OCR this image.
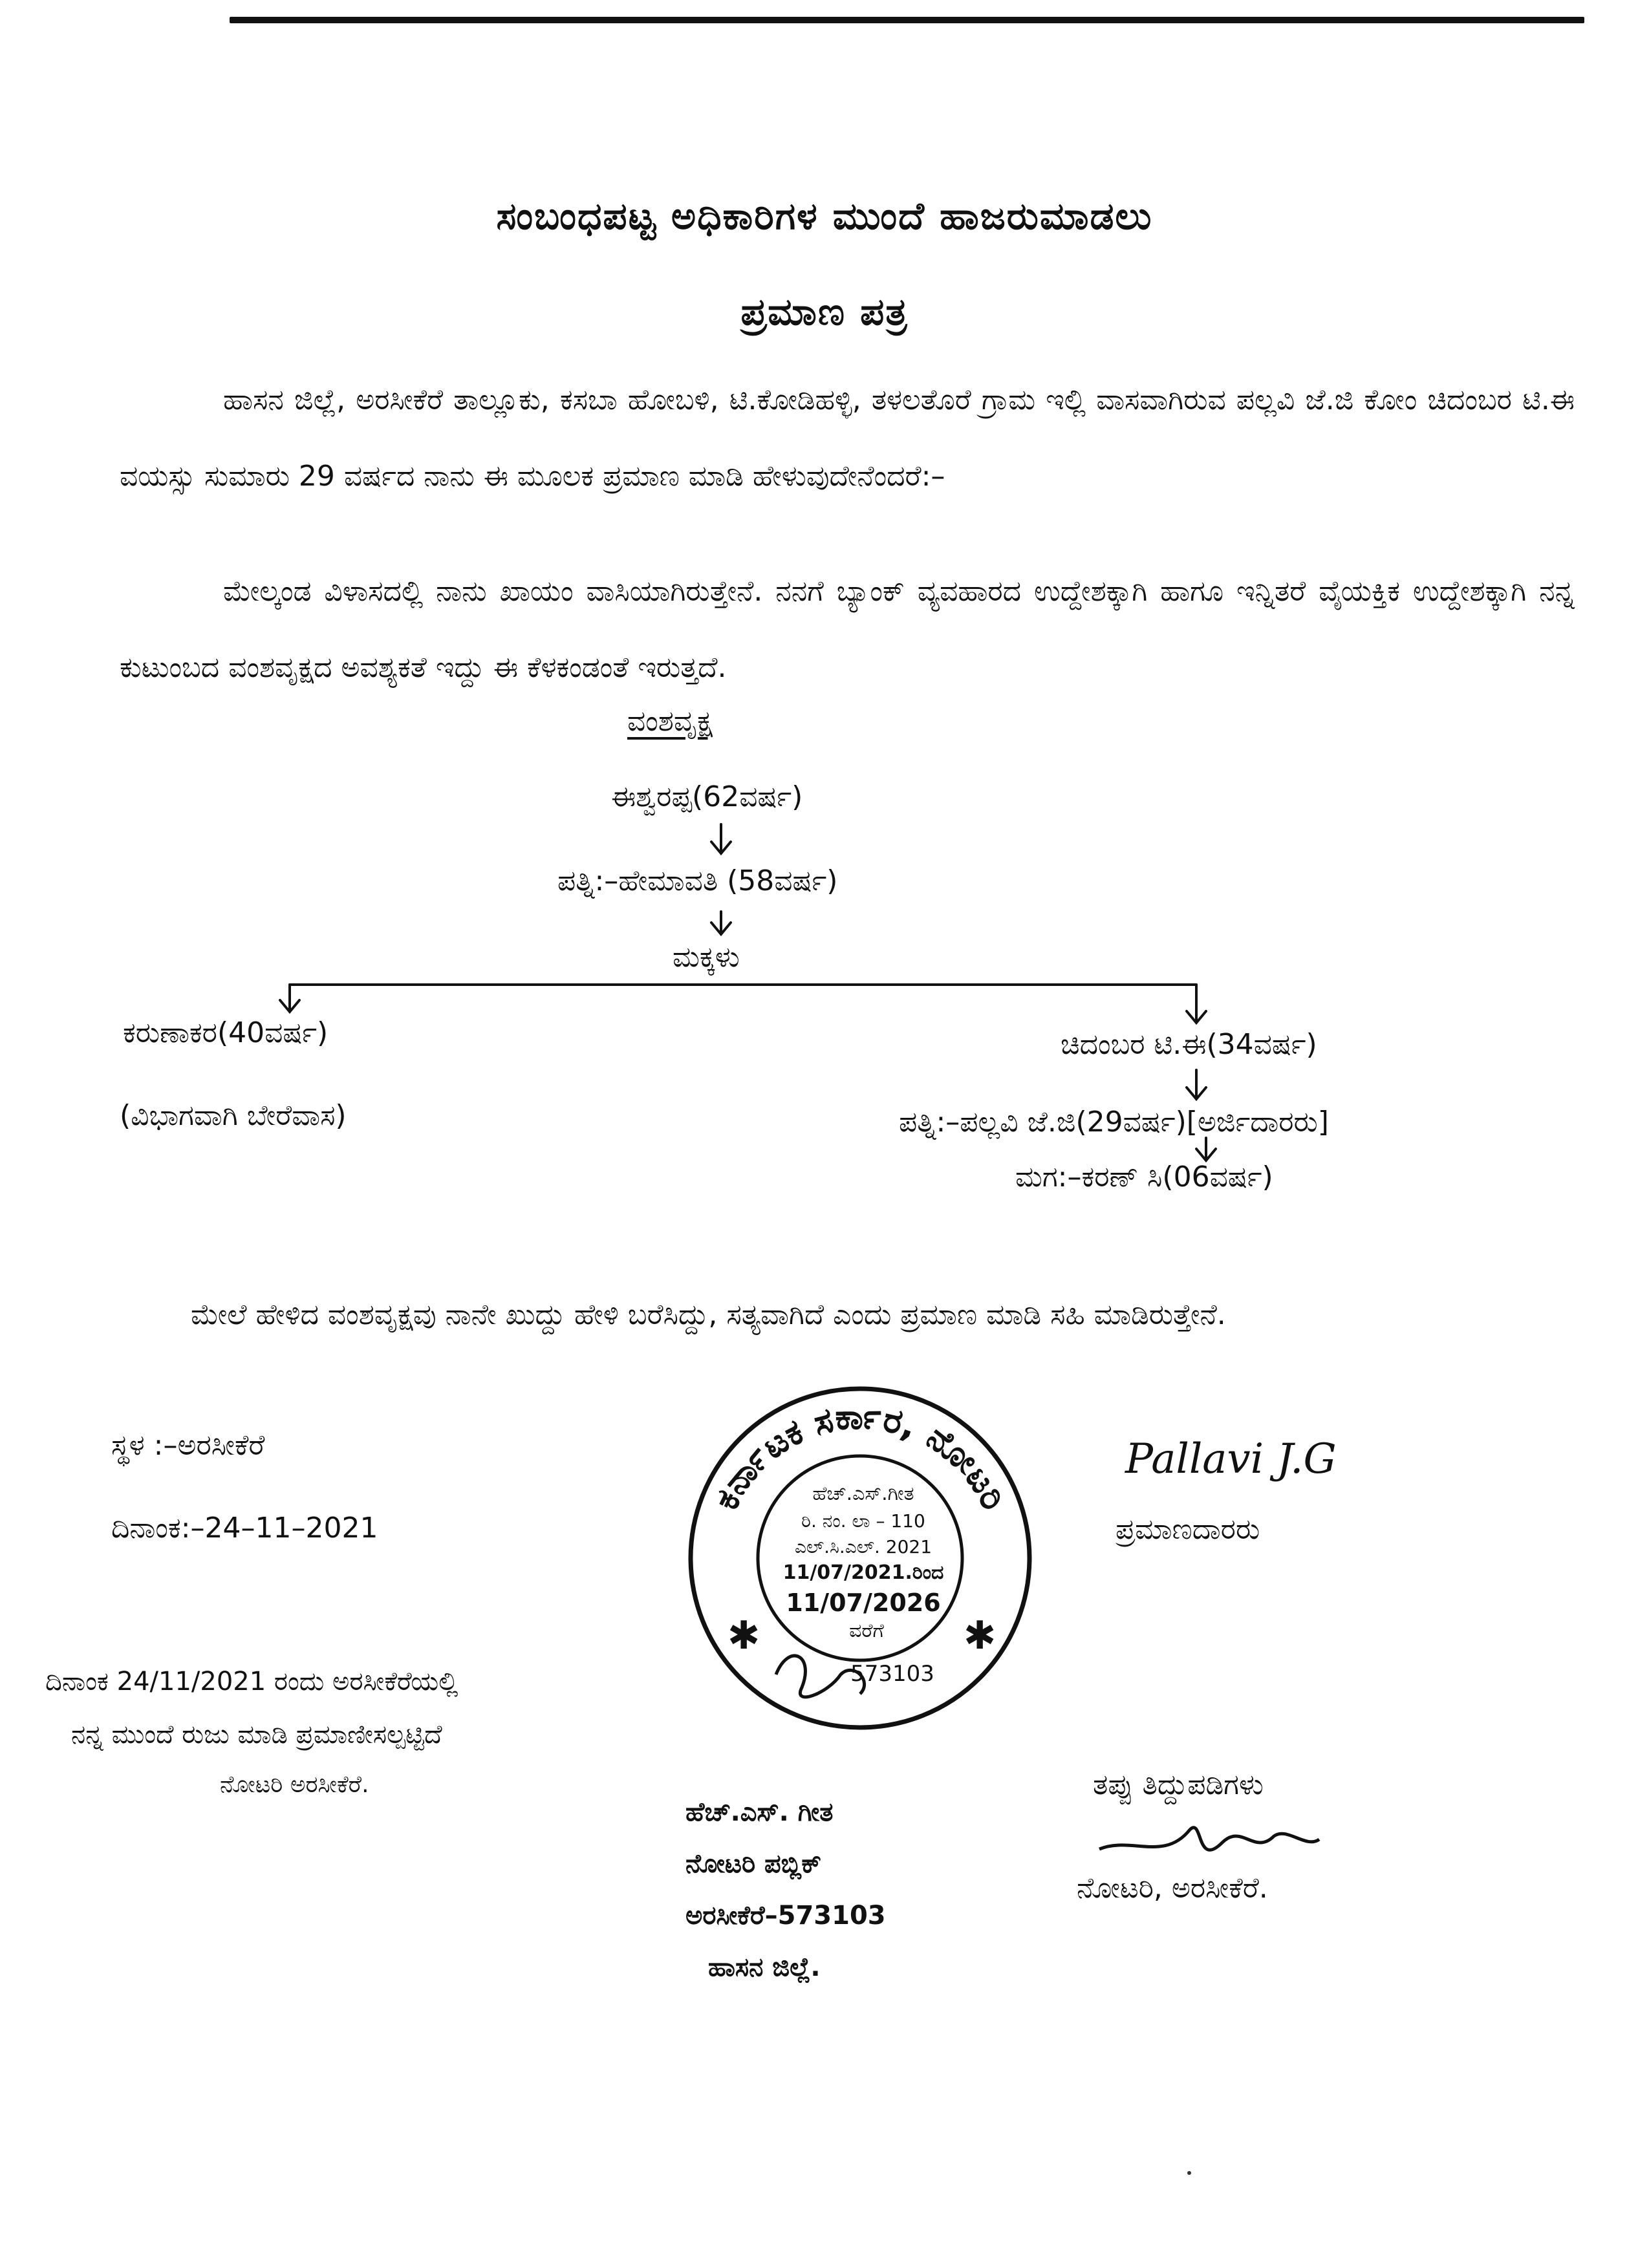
ಸಂಬಂಧಪಟ್ಟ ಅಧಿಕಾರಿಗಳ ಮುಂದೆ ಹಾಜರುಮಾಡಲು
ಪ್ರಮಾಣ ಪತ್ರ
ಹಾಸನ ಜಿಲ್ಲೆ, ಅರಸೀಕೆರೆ ತಾಲ್ಲೂಕು, ಕಸಬಾ ಹೋಬಳಿ, ಟಿ.ಕೋಡಿಹಳ್ಳಿ, ತಳಲತೊರೆ ಗ್ರಾಮ ಇಲ್ಲಿ ವಾಸವಾಗಿರುವ ಪಲ್ಲವಿ ಜೆ.ಜಿ ಕೋಂ ಚಿದಂಬರ ಟಿ.ಈ ವಯಸ್ಸು ಸುಮಾರು 29 ವರ್ಷದ ನಾನು ಈ ಮೂಲಕ ಪ್ರಮಾಣ ಮಾಡಿ ಹೇಳುವುದೇನೆಂದರೆ:–
ಮೇಲ್ಕಂಡ ವಿಳಾಸದಲ್ಲಿ ನಾನು ಖಾಯಂ ವಾಸಿಯಾಗಿರುತ್ತೇನೆ. ನನಗೆ ಬ್ಯಾಂಕ್ ವ್ಯವಹಾರದ ಉದ್ದೇಶಕ್ಕಾಗಿ ಹಾಗೂ ಇನ್ನಿತರೆ ವೈಯಕ್ತಿಕ ಉದ್ದೇಶಕ್ಕಾಗಿ ನನ್ನ ಕುಟುಂಬದ ವಂಶವೃಕ್ಷದ ಅವಶ್ಯಕತೆ ಇದ್ದು ಈ ಕೆಳಕಂಡಂತೆ ಇರುತ್ತದೆ.
ವಂಶವೃಕ್ಷ
ಈಶ್ವರಪ್ಪ(62ವರ್ಷ)
ಪತ್ನಿ:–ಹೇಮಾವತಿ (58ವರ್ಷ)
ಮಕ್ಕಳು
ಕರುಣಾಕರ(40ವರ್ಷ)
(ವಿಭಾಗವಾಗಿ ಬೇರೆವಾಸ)
ಚಿದಂಬರ ಟಿ.ಈ(34ವರ್ಷ)
ಪತ್ನಿ:–ಪಲ್ಲವಿ ಜೆ.ಜಿ(29ವರ್ಷ)[ಅರ್ಜಿದಾರರು]
ಮಗ:–ಕರಣ್ ಸಿ(06ವರ್ಷ)
ಮೇಲೆ ಹೇಳಿದ ವಂಶವೃಕ್ಷವು ನಾನೇ ಖುದ್ದು ಹೇಳಿ ಬರೆಸಿದ್ದು, ಸತ್ಯವಾಗಿದೆ ಎಂದು ಪ್ರಮಾಣ ಮಾಡಿ ಸಹಿ ಮಾಡಿರುತ್ತೇನೆ.
ಸ್ಥಳ :–ಅರಸೀಕೆರೆ
ದಿನಾಂಕ:–24–11–2021
Pallavi J.G
ಪ್ರಮಾಣದಾರರು
ಕರ್ನಾಟಕ ಸರ್ಕಾರ, ನೋಟರಿ
✱	✱
ಹೆಚ್.ಎಸ್.ಗೀತ
ರಿ. ನಂ. ಲಾ – 110
ಎಲ್.ಸಿ.ಎಲ್. 2021
11/07/2021.ರಿಂದ
11/07/2026
ವರೆಗೆ
573103
ದಿನಾಂಕ 24/11/2021 ರಂದು ಅರಸೀಕೆರೆಯಲ್ಲಿ
ನನ್ನ ಮುಂದೆ ರುಜು ಮಾಡಿ ಪ್ರಮಾಣೀಸಲ್ಪಟ್ಟಿದೆ
ನೋಟರಿ ಅರಸೀಕೆರೆ.
ಹೆಚ್.ಎಸ್. ಗೀತ
ನೋಟರಿ ಪಬ್ಲಿಕ್
ಅರಸೀಕೆರೆ–573103
ಹಾಸನ ಜಿಲ್ಲೆ.
ತಪ್ಪು ತಿದ್ದುಪಡಿಗಳು
ನೋಟರಿ, ಅರಸೀಕೆರೆ.
